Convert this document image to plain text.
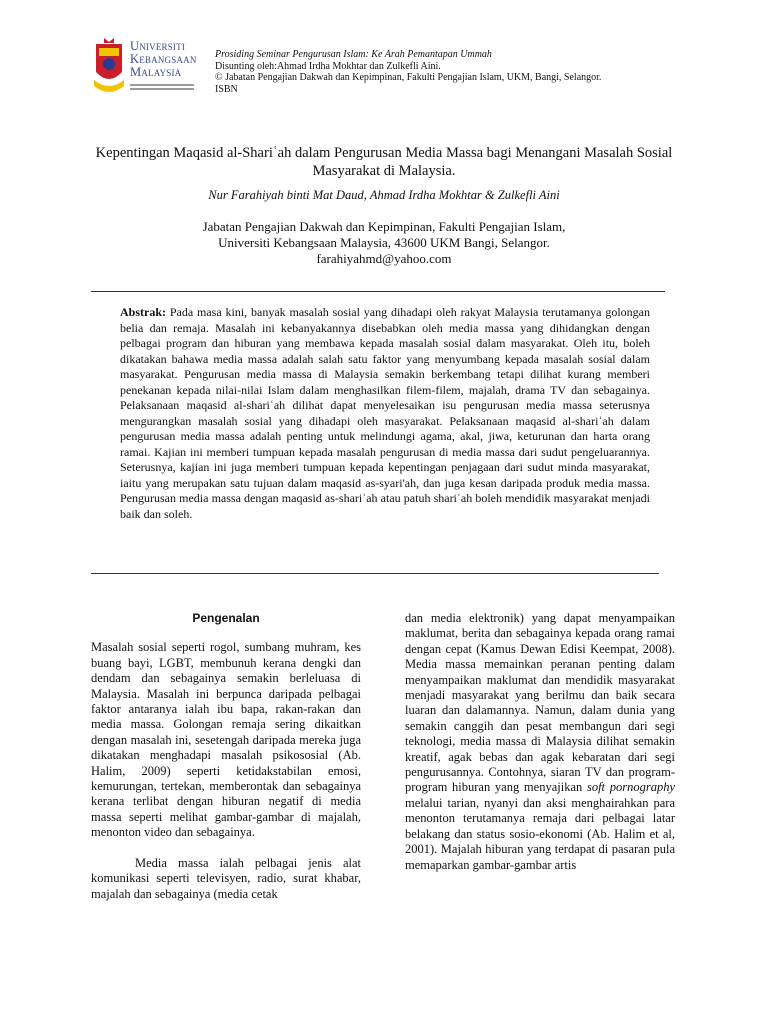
Universiti
Kebangsaan
Malaysia
Prosiding Seminar Pengurusan Islam: Ke Arah Pemantapan Ummah
Disunting oleh:Ahmad Irdha Mokhtar dan Zulkefli Aini.
© Jabatan Pengajian Dakwah dan Kepimpinan, Fakulti Pengajian Islam, UKM, Bangi, Selangor.
ISBN
Kepentingan Maqasid al-Shariʿah dalam Pengurusan Media Massa bagi Menangani Masalah Sosial
Masyarakat di Malaysia.
Nur Farahiyah binti Mat Daud, Ahmad Irdha Mokhtar & Zulkefli Aini
Jabatan Pengajian Dakwah dan Kepimpinan, Fakulti Pengajian Islam,
Universiti Kebangsaan Malaysia, 43600 UKM Bangi, Selangor.
farahiyahmd@yahoo.com

Abstrak: Pada masa kini, banyak masalah sosial yang dihadapi oleh rakyat Malaysia terutamanya golongan belia dan remaja. Masalah ini kebanyakannya disebabkan oleh media massa yang dihidangkan dengan pelbagai program dan hiburan yang membawa kepada masalah sosial dalam masyarakat. Oleh itu, boleh dikatakan bahawa media massa adalah salah satu faktor yang menyumbang kepada masalah sosial dalam masyarakat. Pengurusan media massa di Malaysia semakin berkembang tetapi dilihat kurang memberi penekanan kepada nilai-nilai Islam dalam menghasilkan filem-filem, majalah, drama TV dan sebagainya. Pelaksanaan maqasid al-shariʿah dilihat dapat menyelesaikan isu pengurusan media massa seterusnya mengurangkan masalah sosial yang dihadapi oleh masyarakat. Pelaksanaan maqasid al-shariʿah dalam pengurusan media massa adalah penting untuk melindungi agama, akal, jiwa, keturunan dan harta orang ramai. Kajian ini memberi tumpuan kepada masalah pengurusan di media massa dari sudut pengeluarannya. Seterusnya, kajian ini juga memberi tumpuan kepada kepentingan penjagaan dari sudut minda masyarakat, iaitu yang merupakan satu tujuan dalam maqasid as-syari'ah, dan juga kesan daripada produk media massa. Pengurusan media massa dengan maqasid as-shariʿah atau patuh shariʿah boleh mendidik masyarakat menjadi baik dan soleh.

Pengenalan

Masalah sosial seperti rogol, sumbang muhram, kes buang bayi, LGBT, membunuh kerana dengki dan dendam dan sebagainya semakin berleluasa di Malaysia. Masalah ini berpunca daripada pelbagai faktor antaranya ialah ibu bapa, rakan-rakan dan media massa. Golongan remaja sering dikaitkan dengan masalah ini, sesetengah daripada mereka juga dikatakan menghadapi masalah psikososial (Ab. Halim, 2009) seperti ketidakstabilan emosi, kemurungan, tertekan, memberontak dan sebagainya kerana terlibat dengan hiburan negatif di media massa seperti melihat gambar-gambar di majalah, menonton video dan sebagainya.

Media massa ialah pelbagai jenis alat komunikasi seperti televisyen, radio, surat khabar, majalah dan sebagainya (media cetak

dan media elektronik) yang dapat menyampaikan maklumat, berita dan sebagainya kepada orang ramai dengan cepat (Kamus Dewan Edisi Keempat, 2008). Media massa memainkan peranan penting dalam menyampaikan maklumat dan mendidik masyarakat menjadi masyarakat yang berilmu dan baik secara luaran dan dalamannya. Namun, dalam dunia yang semakin canggih dan pesat membangun dari segi teknologi, media massa di Malaysia dilihat semakin kreatif, agak bebas dan agak kebaratan dari segi pengurusannya. Contohnya, siaran TV dan program-program hiburan yang menyajikan soft pornography melalui tarian, nyanyi dan aksi menghairahkan para menonton terutamanya remaja dari pelbagai latar belakang dan status sosio-ekonomi (Ab. Halim et al, 2001). Majalah hiburan yang terdapat di pasaran pula memaparkan gambar-gambar artis
